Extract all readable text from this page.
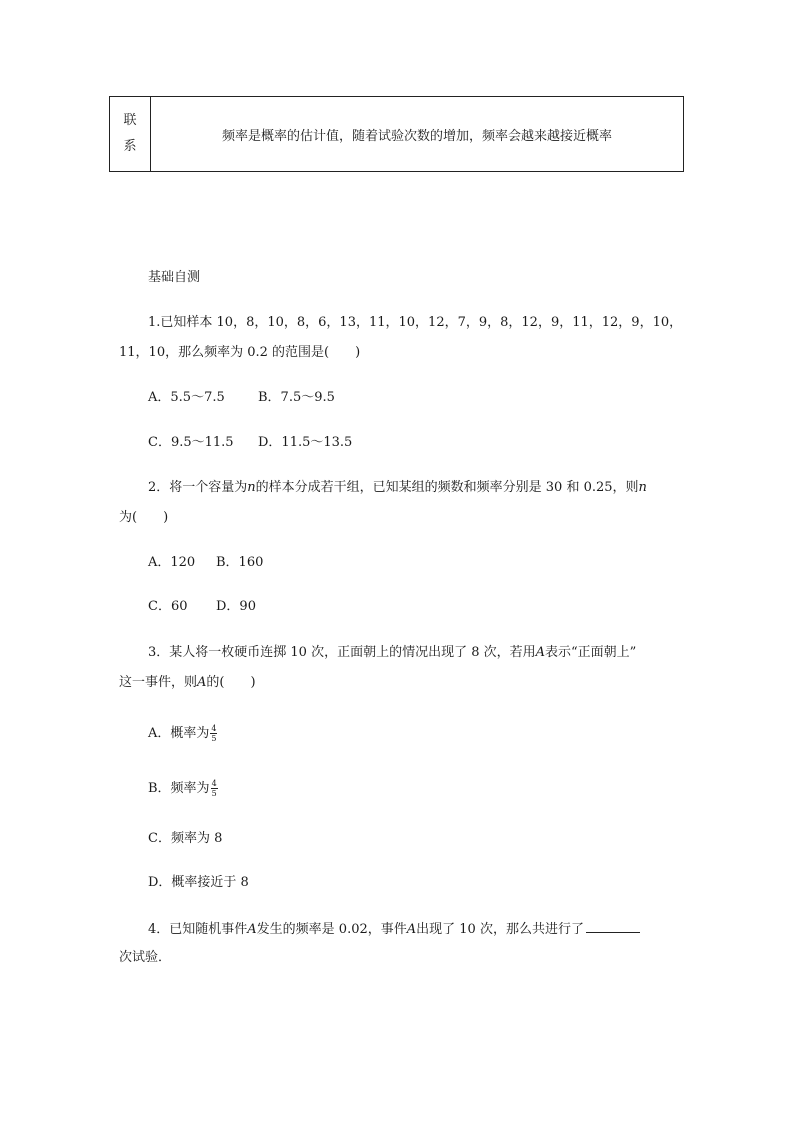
联
系
频率是概率的估计值，随着试验次数的增加，频率会越来越接近概率
基础自测
1.已知样本 10，8，10，8，6，13，11，10，12，7，9，8，12，9，11，12，9，10，
11，10，那么频率为 0.2 的范围是(　　)
A．5.5～7.5	B．7.5～9.5
C．9.5～11.5 D．11.5～13.5
2．将一个容量为n的样本分成若干组，已知某组的频数和频率分别是 30 和 0.25，则n
为(　　)
A．120 B．160
C．60 D．90
3．某人将一枚硬币连掷 10 次，正面朝上的情况出现了 8 次，若用A表示“正面朝上”
这一事件，则A的(　　)
A．概率为 $\frac{4}{5}$
B．频率为 $\frac{4}{5}$
C．频率为 8
D．概率接近于 8
4．已知随机事件A发生的频率是 0.02，事件A出现了 10 次，那么共进行了
次试验．
